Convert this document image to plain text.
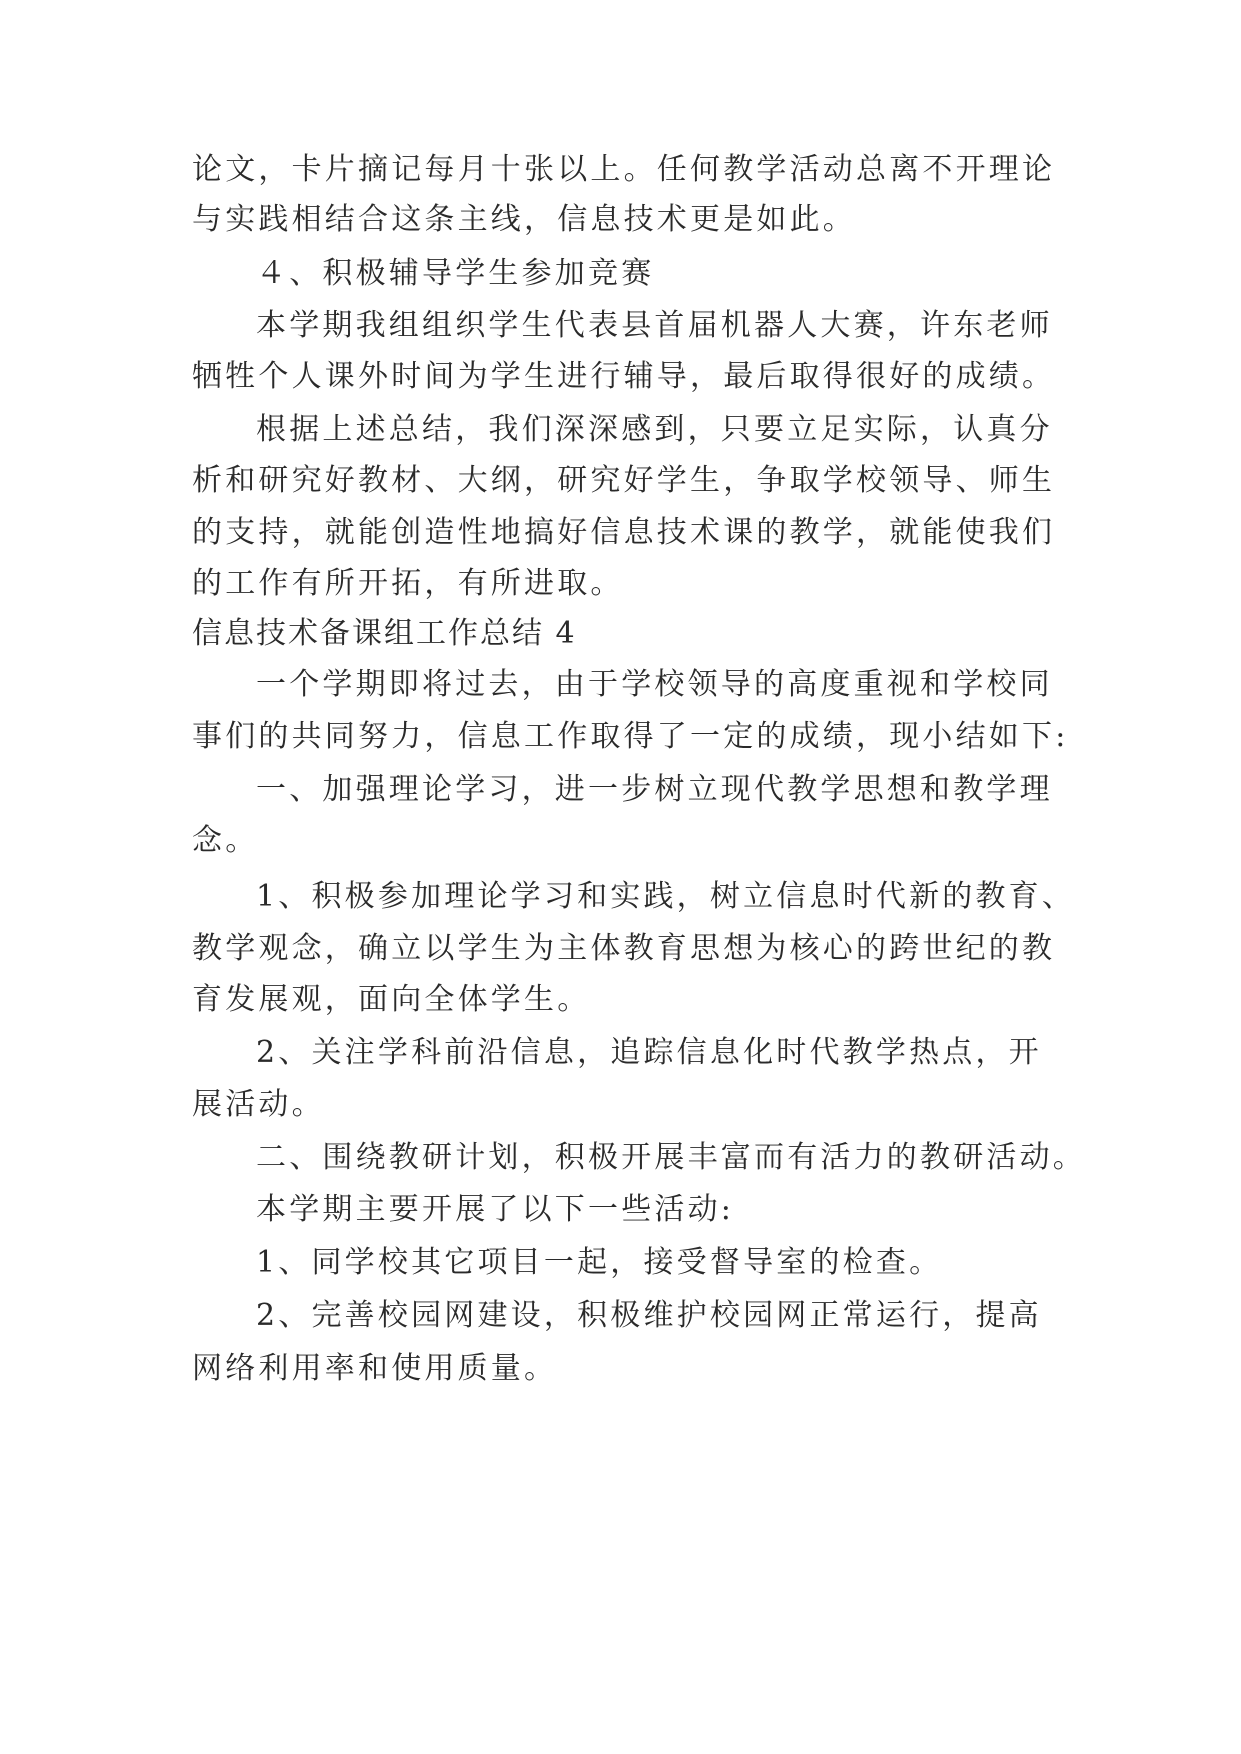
论文，卡片摘记每月十张以上。任何教学活动总离不开理论
与实践相结合这条主线，信息技术更是如此。
４、积极辅导学生参加竞赛
本学期我组组织学生代表县首届机器人大赛，许东老师
牺牲个人课外时间为学生进行辅导，最后取得很好的成绩。
根据上述总结，我们深深感到，只要立足实际，认真分
析和研究好教材、大纲，研究好学生，争取学校领导、师生
的支持，就能创造性地搞好信息技术课的教学，就能使我们
的工作有所开拓，有所进取。
信息技术备课组工作总结 4
一个学期即将过去，由于学校领导的高度重视和学校同
事们的共同努力，信息工作取得了一定的成绩，现小结如下:
一、加强理论学习，进一步树立现代教学思想和教学理
念。
1、积极参加理论学习和实践，树立信息时代新的教育、
教学观念，确立以学生为主体教育思想为核心的跨世纪的教
育发展观，面向全体学生。
2、关注学科前沿信息，追踪信息化时代教学热点，开
展活动。
二、围绕教研计划，积极开展丰富而有活力的教研活动。
本学期主要开展了以下一些活动:
1、同学校其它项目一起，接受督导室的检查。
2、完善校园网建设，积极维护校园网正常运行，提高
网络利用率和使用质量。
